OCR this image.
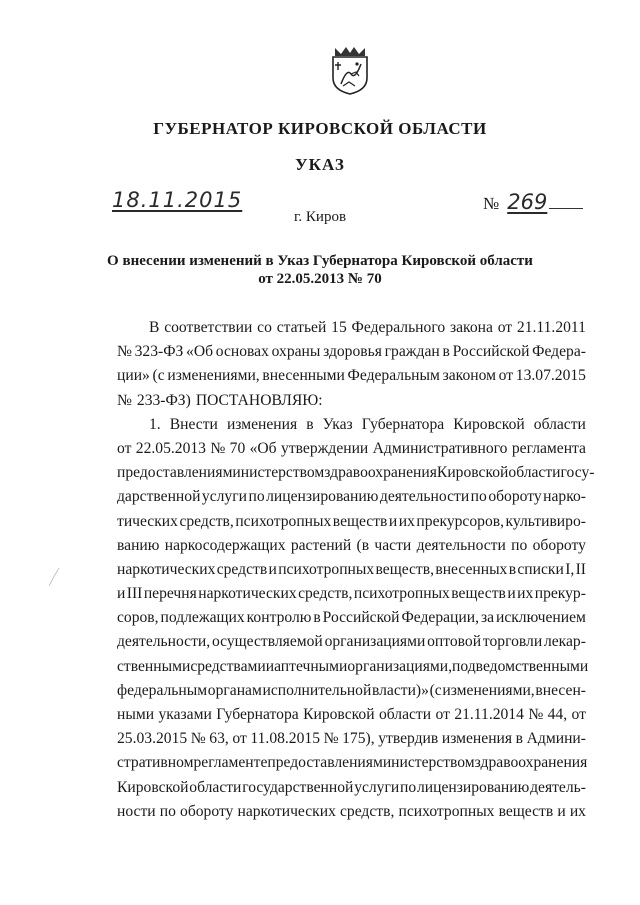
ГУБЕРНАТОР КИРОВСКОЙ ОБЛАСТИ
УКАЗ
18.11.2015	№ 269
г. Киров
О внесении изменений в Указ Губернатора Кировской области
от 22.05.2013 № 70
В соответствии со статьей 15 Федерального закона от 21.11.2011
№ 323-ФЗ «Об основах охраны здоровья граждан в Российской Федера-
ции» (с изменениями, внесенными Федеральным законом от 13.07.2015
№ 233-ФЗ) ПОСТАНОВЛЯЮ:
1. Внести изменения в Указ Губернатора Кировской области
от 22.05.2013 № 70 «Об утверждении Административного регламента
предоставления министерством здравоохранения Кировской области госу-
дарственной услуги по лицензированию деятельности по обороту нарко-
тических средств, психотропных веществ и их прекурсоров, культивиро-
ванию наркосодержащих растений (в части деятельности по обороту
наркотических средств и психотропных веществ, внесенных в списки I, II
и III перечня наркотических средств, психотропных веществ и их прекур-
соров, подлежащих контролю в Российской Федерации, за исключением
деятельности, осуществляемой организациями оптовой торговли лекар-
ственными средствами и аптечными организациями, подведомственными
федеральным органам исполнительной власти)» (с изменениями, внесен-
ными указами Губернатора Кировской области от 21.11.2014 № 44, от
25.03.2015 № 63, от 11.08.2015 № 175), утвердив изменения в Админи-
стративном регламенте предоставления министерством здравоохранения
Кировской области государственной услуги по лицензированию деятель-
ности по обороту наркотических средств, психотропных веществ и их
